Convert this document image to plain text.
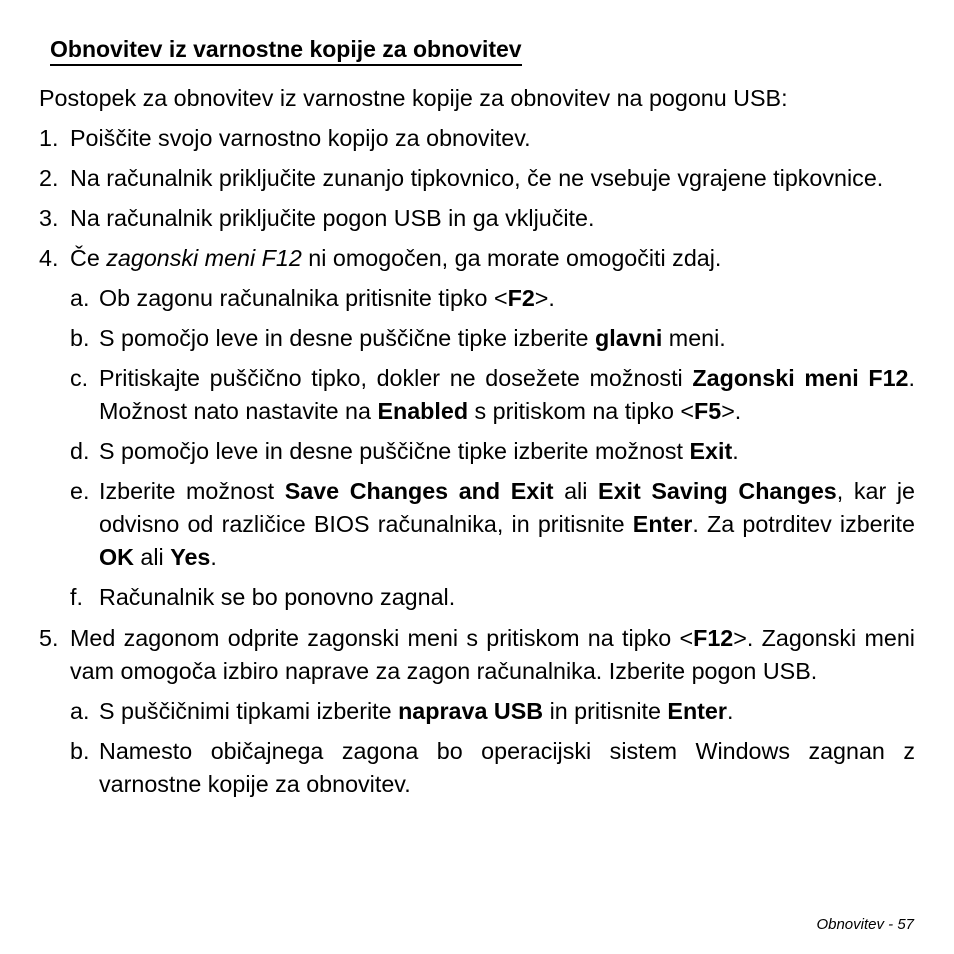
Obnovitev iz varnostne kopije za obnovitev

Postopek za obnovitev iz varnostne kopije za obnovitev na pogonu USB:

1. Poiščite svojo varnostno kopijo za obnovitev.
2. Na računalnik priključite zunanjo tipkovnico, če ne vsebuje vgrajene tipkovnice.
3. Na računalnik priključite pogon USB in ga vključite.
4. Če zagonski meni F12 ni omogočen, ga morate omogočiti zdaj.
a. Ob zagonu računalnika pritisnite tipko <F2>.
b. S pomočjo leve in desne puščične tipke izberite glavni meni.
c. Pritiskajte puščično tipko, dokler ne dosežete možnosti Zagonski meni F12. Možnost nato nastavite na Enabled s pritiskom na tipko <F5>.
d. S pomočjo leve in desne puščične tipke izberite možnost Exit.
e. Izberite možnost Save Changes and Exit ali Exit Saving Changes, kar je odvisno od različice BIOS računalnika, in pritisnite Enter. Za potrditev izberite OK ali Yes.
f. Računalnik se bo ponovno zagnal.
5. Med zagonom odprite zagonski meni s pritiskom na tipko <F12>. Zagonski meni vam omogoča izbiro naprave za zagon računalnika. Izberite pogon USB.
a. S puščičnimi tipkami izberite naprava USB in pritisnite Enter.
b. Namesto običajnega zagona bo operacijski sistem Windows zagnan z varnostne kopije za obnovitev.
Obnovitev - 57
